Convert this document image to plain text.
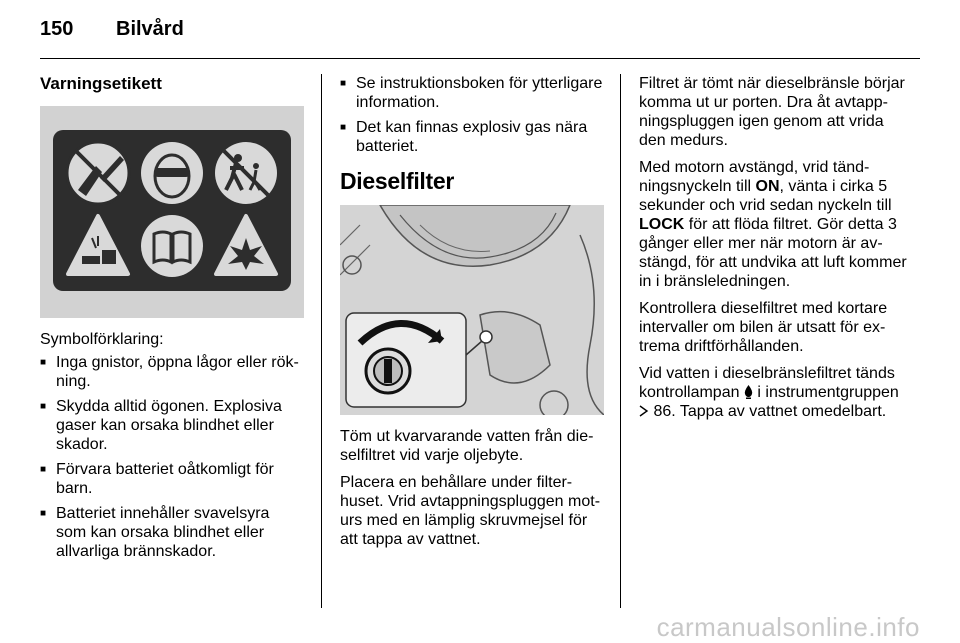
150	Bilvård
Varningsetikett

Symbolförklaring:

■ Inga gnistor, öppna lågor eller rök-ning.
■ Skydda alltid ögonen. Explosiva gaser kan orsaka blindhet eller skador.
■ Förvara batteriet oåtkomligt för barn.
■ Batteriet innehåller svavelsyra som kan orsaka blindhet eller allvarliga brännskador.
■ Se instruktionsboken för ytterligare information.
■ Det kan finnas explosiv gas nära batteriet.
Dieselfilter

Töm ut kvarvarande vatten från die-selfiltret vid varje oljebyte.

Placera en behållare under filter-huset. Vrid avtappningspluggen mot-urs med en lämplig skruvmejsel för att tappa av vattnet.

Filtret är tömt när dieselbränsle börjar komma ut ur porten. Dra åt avtapp-ningspluggen igen genom att vrida den medurs.

Med motorn avstängd, vrid tänd-ningsnyckeln till ON, vänta i cirka 5 sekunder och vrid sedan nyckeln till LOCK för att flöda filtret. Gör detta 3 gånger eller mer när motorn är av-stängd, för att undvika att luft kommer in i bränsleledningen.

Kontrollera dieselfiltret med kortare intervaller om bilen är utsatt för ex-trema driftförhållanden.

Vid vatten i dieselbränslefiltret tänds kontrollampan  i instrumentgruppen
86. Tappa av vattnet omedelbart.

carmanualsonline.info
